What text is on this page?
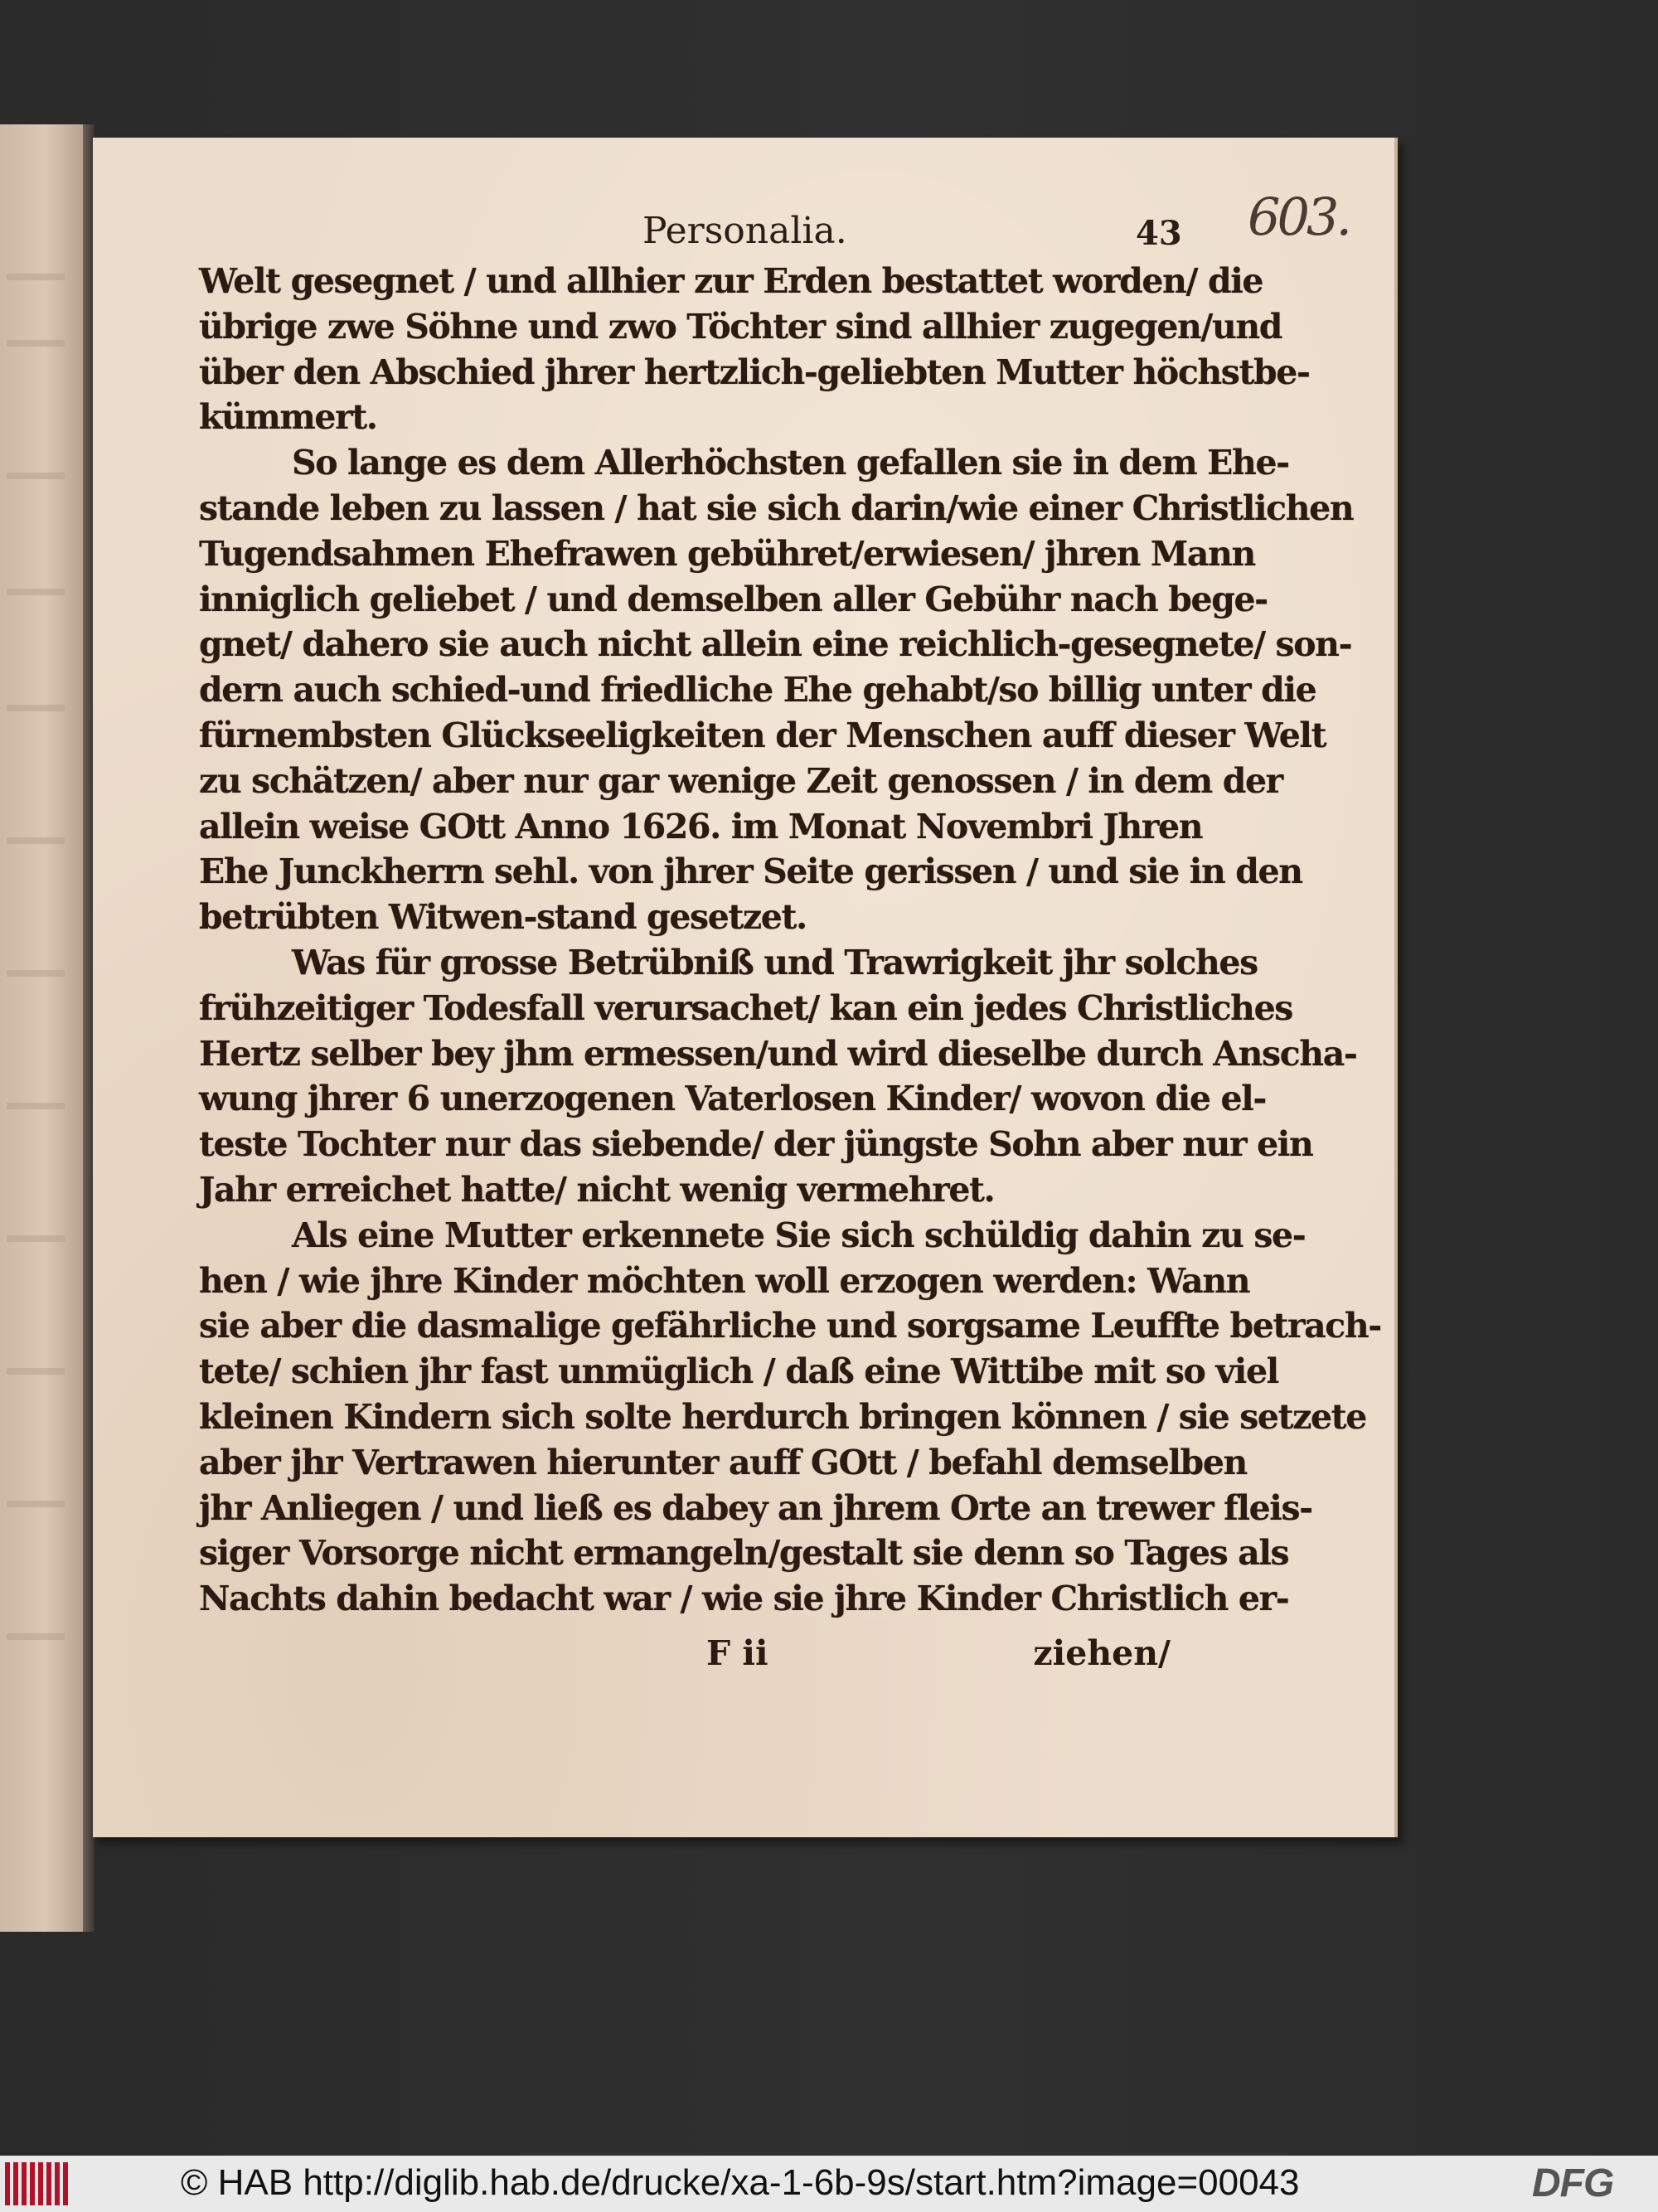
603.
Personalia.	43
Welt gesegnet / und allhier zur Erden bestattet worden/ die
übrige zwe Söhne und zwo Töchter sind allhier zugegen/und
über den Abschied jhrer hertzlich-geliebten Mutter höchstbe-
kümmert.
So lange es dem Allerhöchsten gefallen sie in dem Ehe-
stande leben zu lassen / hat sie sich darin/wie einer Christlichen
Tugendsahmen Ehefrawen gebühret/erwiesen/ jhren Mann
inniglich geliebet / und demselben aller Gebühr nach bege-
gnet/ dahero sie auch nicht allein eine reichlich-gesegnete/ son-
dern auch schied-und friedliche Ehe gehabt/so billig unter die
fürnembsten Glückseeligkeiten der Menschen auff dieser Welt
zu schätzen/ aber nur gar wenige Zeit genossen / in dem der
allein weise GOtt Anno 1626. im Monat Novembri Jhren
Ehe Junckherrn sehl. von jhrer Seite gerissen / und sie in den
betrübten Witwen-stand gesetzet.
Was für grosse Betrübniß und Trawrigkeit jhr solches
frühzeitiger Todesfall verursachet/ kan ein jedes Christliches
Hertz selber bey jhm ermessen/und wird dieselbe durch Anscha-
wung jhrer 6 unerzogenen Vaterlosen Kinder/ wovon die el-
teste Tochter nur das siebende/ der jüngste Sohn aber nur ein
Jahr erreichet hatte/ nicht wenig vermehret.
Als eine Mutter erkennete Sie sich schüldig dahin zu se-
hen / wie jhre Kinder möchten woll erzogen werden: Wann
sie aber die dasmalige gefährliche und sorgsame Leuffte betrach-
tete/ schien jhr fast unmüglich / daß eine Wittibe mit so viel
kleinen Kindern sich solte herdurch bringen können / sie setzete
aber jhr Vertrawen hierunter auff GOtt / befahl demselben
jhr Anliegen / und ließ es dabey an jhrem Orte an trewer fleis-
siger Vorsorge nicht ermangeln/gestalt sie denn so Tages als
Nachts dahin bedacht war / wie sie jhre Kinder Christlich er-
F ii	ziehen/
© HAB http://diglib.hab.de/drucke/xa-1-6b-9s/start.htm?image=00043	DFG
